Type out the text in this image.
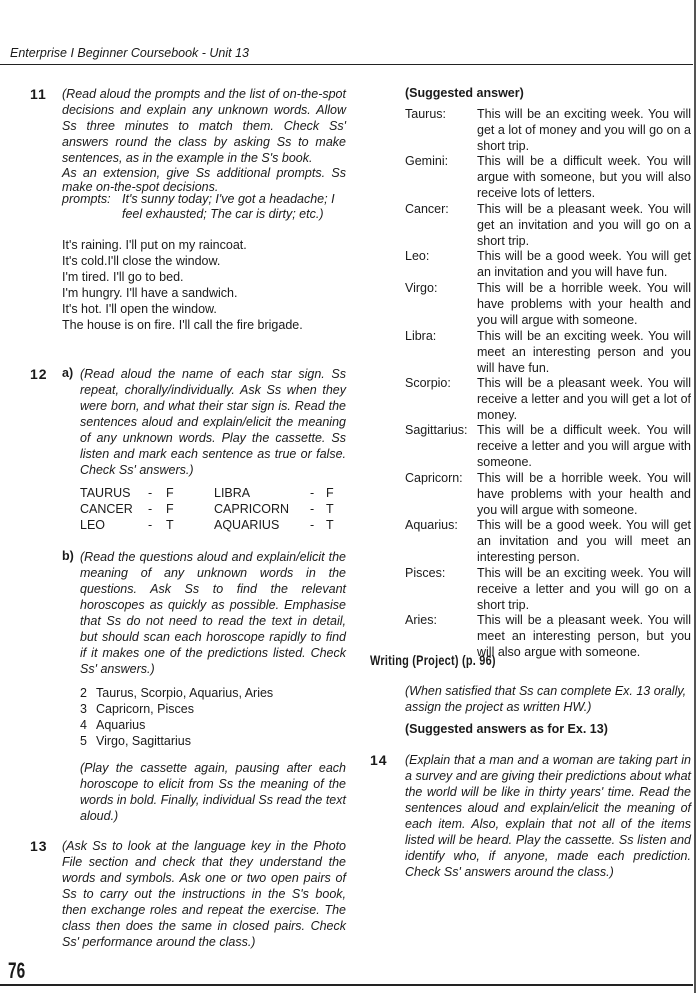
Enterprise I Beginner Coursebook - Unit 13
11 (Read aloud the prompts and the list of on-the-spot decisions and explain any unknown words. Allow Ss three minutes to match them. Check Ss' answers round the class by asking Ss to make sentences, as in the example in the S's book.

As an extension, give Ss additional prompts. Ss make on-the-spot decisions.

prompts: It's sunny today; I've got a headache; I feel exhausted; The car is dirty; etc.)
It's raining. I'll put on my raincoat.
It's cold.I'll close the window.
I'm tired. I'll go to bed.
I'm hungry. I'll have a sandwich.
It's hot. I'll open the window.
The house is on fire. I'll call the fire brigade.
12 a) (Read aloud the name of each star sign. Ss repeat, chorally/individually. Ask Ss when they were born, and what their star sign is. Read the sentences aloud and explain/elicit the meaning of any unknown words. Play the cassette. Ss listen and mark each sentence as true or false. Check Ss' answers.)
TAURUS	-	F	LIBRA	- F
CANCER	-	F	CAPRICORN	- T
LEO	-	T	AQUARIUS	- T
b) (Read the questions aloud and explain/elicit the meaning of any unknown words in the questions. Ask Ss to find the relevant horoscopes as quickly as possible. Emphasise that Ss do not need to read the text in detail, but should scan each horoscope rapidly to find if it makes one of the predictions listed. Check Ss' answers.)
2 Taurus, Scorpio, Aquarius, Aries
3 Capricorn, Pisces
4 Aquarius
5 Virgo, Sagittarius
(Play the cassette again, pausing after each horoscope to elicit from Ss the meaning of the words in bold. Finally, individual Ss read the text aloud.)
13 (Ask Ss to look at the language key in the Photo File section and check that they understand the words and symbols. Ask one or two open pairs of Ss to carry out the instructions in the S's book, then exchange roles and repeat the exercise. The class then does the same in closed pairs. Check Ss' performance around the class.)
(Suggested answer)
Taurus: This will be an exciting week. You will get a lot of money and you will go on a short trip.
Gemini: This will be a difficult week. You will argue with someone, but you will also receive lots of letters.
Cancer: This will be a pleasant week. You will get an invitation and you will go on a short trip.
Leo:	This will be a good week. You will get an invitation and you will have fun.
Virgo:	This will be a horrible week. You will have problems with your health and you will argue with someone.
Libra:	This will be an exciting week. You will meet an interesting person and you will have fun.
Scorpio: This will be a pleasant week. You will receive a letter and you will get a lot of money.
Sagittarius: This will be a difficult week. You will receive a letter and you will argue with someone.
Capricorn: This will be a horrible week. You will have problems with your health and you will argue with someone.
Aquarius: This will be a good week. You will get an invitation and you will meet an interesting person.
Pisces:	This will be an exciting week. You will receive a letter and you will go on a short trip.
Aries:	This will be a pleasant week. You will meet an interesting person, but you will also argue with someone.
Writing (Project) (p. 96)
(When satisfied that Ss can complete Ex. 13 orally, assign the project as written HW.)
(Suggested answers as for Ex. 13)
14 (Explain that a man and a woman are taking part in a survey and are giving their predictions about what the world will be like in thirty years' time. Read the sentences aloud and explain/elicit the meaning of each item. Also, explain that not all of the items listed will be heard. Play the cassette. Ss listen and identify who, if anyone, made each prediction. Check Ss' answers around the class.)
76
